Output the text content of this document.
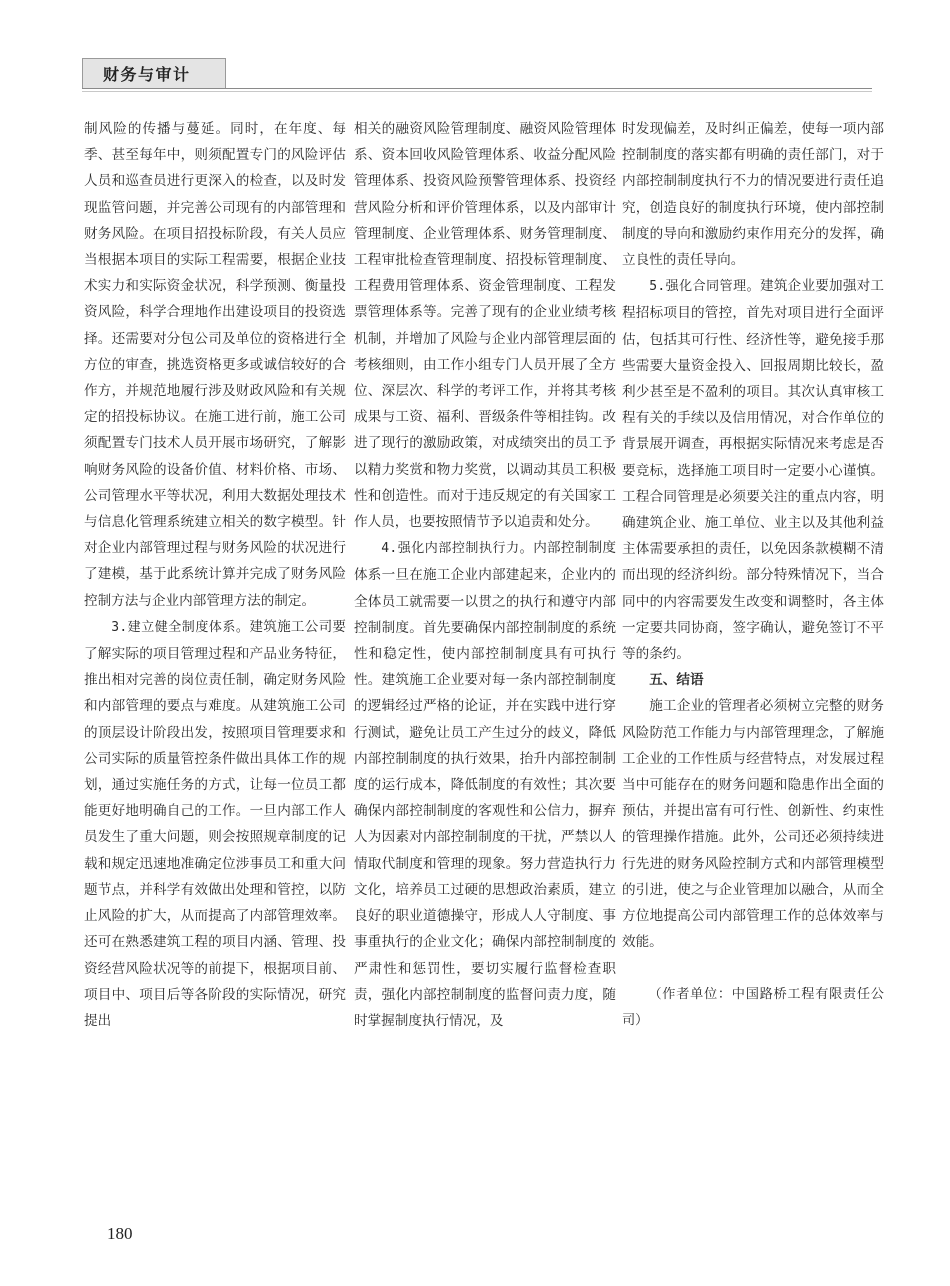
财务与审计

制风险的传播与蔓延。同时，在年度、每季、甚至每年中，则须配置专门的风险评估人员和巡查员进行更深入的检查，以及时发现监管问题，并完善公司现有的内部管理和财务风险。在项目招投标阶段，有关人员应当根据本项目的实际工程需要，根据企业技术实力和实际资金状况，科学预测、衡量投资风险，科学合理地作出建设项目的投资选择。还需要对分包公司及单位的资格进行全方位的审查，挑选资格更多或诚信较好的合作方，并规范地履行涉及财政风险和有关规定的招投标协议。在施工进行前，施工公司须配置专门技术人员开展市场研究，了解影响财务风险的设备价值、材料价格、市场、公司管理水平等状况，利用大数据处理技术与信息化管理系统建立相关的数字模型。针对企业内部管理过程与财务风险的状况进行了建模，基于此系统计算并完成了财务风险控制方法与企业内部管理方法的制定。

3.建立健全制度体系。建筑施工公司要了解实际的项目管理过程和产品业务特征，推出相对完善的岗位责任制，确定财务风险和内部管理的要点与难度。从建筑施工公司的顶层设计阶段出发，按照项目管理要求和公司实际的质量管控条件做出具体工作的规划，通过实施任务的方式，让每一位员工都能更好地明确自己的工作。一旦内部工作人员发生了重大问题，则会按照规章制度的记载和规定迅速地准确定位涉事员工和重大问题节点，并科学有效做出处理和管控，以防止风险的扩大，从而提高了内部管理效率。还可在熟悉建筑工程的项目内涵、管理、投资经营风险状况等的前提下，根据项目前、项目中、项目后等各阶段的实际情况，研究提出

相关的融资风险管理制度、融资风险管理体系、资本回收风险管理体系、收益分配风险管理体系、投资风险预警管理体系、投资经营风险分析和评价管理体系，以及内部审计管理制度、企业管理体系、财务管理制度、工程审批检查管理制度、招投标管理制度、工程费用管理体系、资金管理制度、工程发票管理体系等。完善了现有的企业业绩考核机制，并增加了风险与企业内部管理层面的考核细则，由工作小组专门人员开展了全方位、深层次、科学的考评工作，并将其考核成果与工资、福利、晋级条件等相挂钩。改进了现行的激励政策，对成绩突出的员工予以精力奖赏和物力奖赏，以调动其员工积极性和创造性。而对于违反规定的有关国家工作人员，也要按照情节予以追责和处分。

4.强化内部控制执行力。内部控制制度体系一旦在施工企业内部建起来，企业内的全体员工就需要一以贯之的执行和遵守内部控制制度。首先要确保内部控制制度的系统性和稳定性，使内部控制制度具有可执行性。建筑施工企业要对每一条内部控制制度的逻辑经过严格的论证，并在实践中进行穿行测试，避免让员工产生过分的歧义，降低内部控制制度的执行效果，抬升内部控制制度的运行成本，降低制度的有效性；其次要确保内部控制制度的客观性和公信力，摒弃人为因素对内部控制制度的干扰，严禁以人情取代制度和管理的现象。努力营造执行力文化，培养员工过硬的思想政治素质，建立良好的职业道德操守，形成人人守制度、事事重执行的企业文化；确保内部控制制度的严肃性和惩罚性，要切实履行监督检查职责，强化内部控制制度的监督问责力度，随时掌握制度执行情况，及

时发现偏差，及时纠正偏差，使每一项内部控制制度的落实都有明确的责任部门，对于内部控制制度执行不力的情况要进行责任追究，创造良好的制度执行环境，使内部控制制度的导向和激励约束作用充分的发挥，确立良性的责任导向。

5.强化合同管理。建筑企业要加强对工程招标项目的管控，首先对项目进行全面评估，包括其可行性、经济性等，避免接手那些需要大量资金投入、回报周期比较长，盈利少甚至是不盈利的项目。其次认真审核工程有关的手续以及信用情况，对合作单位的背景展开调查，再根据实际情况来考虑是否要竞标，选择施工项目时一定要小心谨慎。工程合同管理是必须要关注的重点内容，明确建筑企业、施工单位、业主以及其他利益主体需要承担的责任，以免因条款模糊不清而出现的经济纠纷。部分特殊情况下，当合同中的内容需要发生改变和调整时，各主体一定要共同协商，签字确认，避免签订不平等的条约。

五、结语

施工企业的管理者必须树立完整的财务风险防范工作能力与内部管理理念，了解施工企业的工作性质与经营特点，对发展过程当中可能存在的财务问题和隐患作出全面的预估，并提出富有可行性、创新性、约束性的管理操作措施。此外，公司还必须持续进行先进的财务风险控制方式和内部管理模型的引进，使之与企业管理加以融合，从而全方位地提高公司内部管理工作的总体效率与效能。

（作者单位：中国路桥工程有限责任公司）

180
